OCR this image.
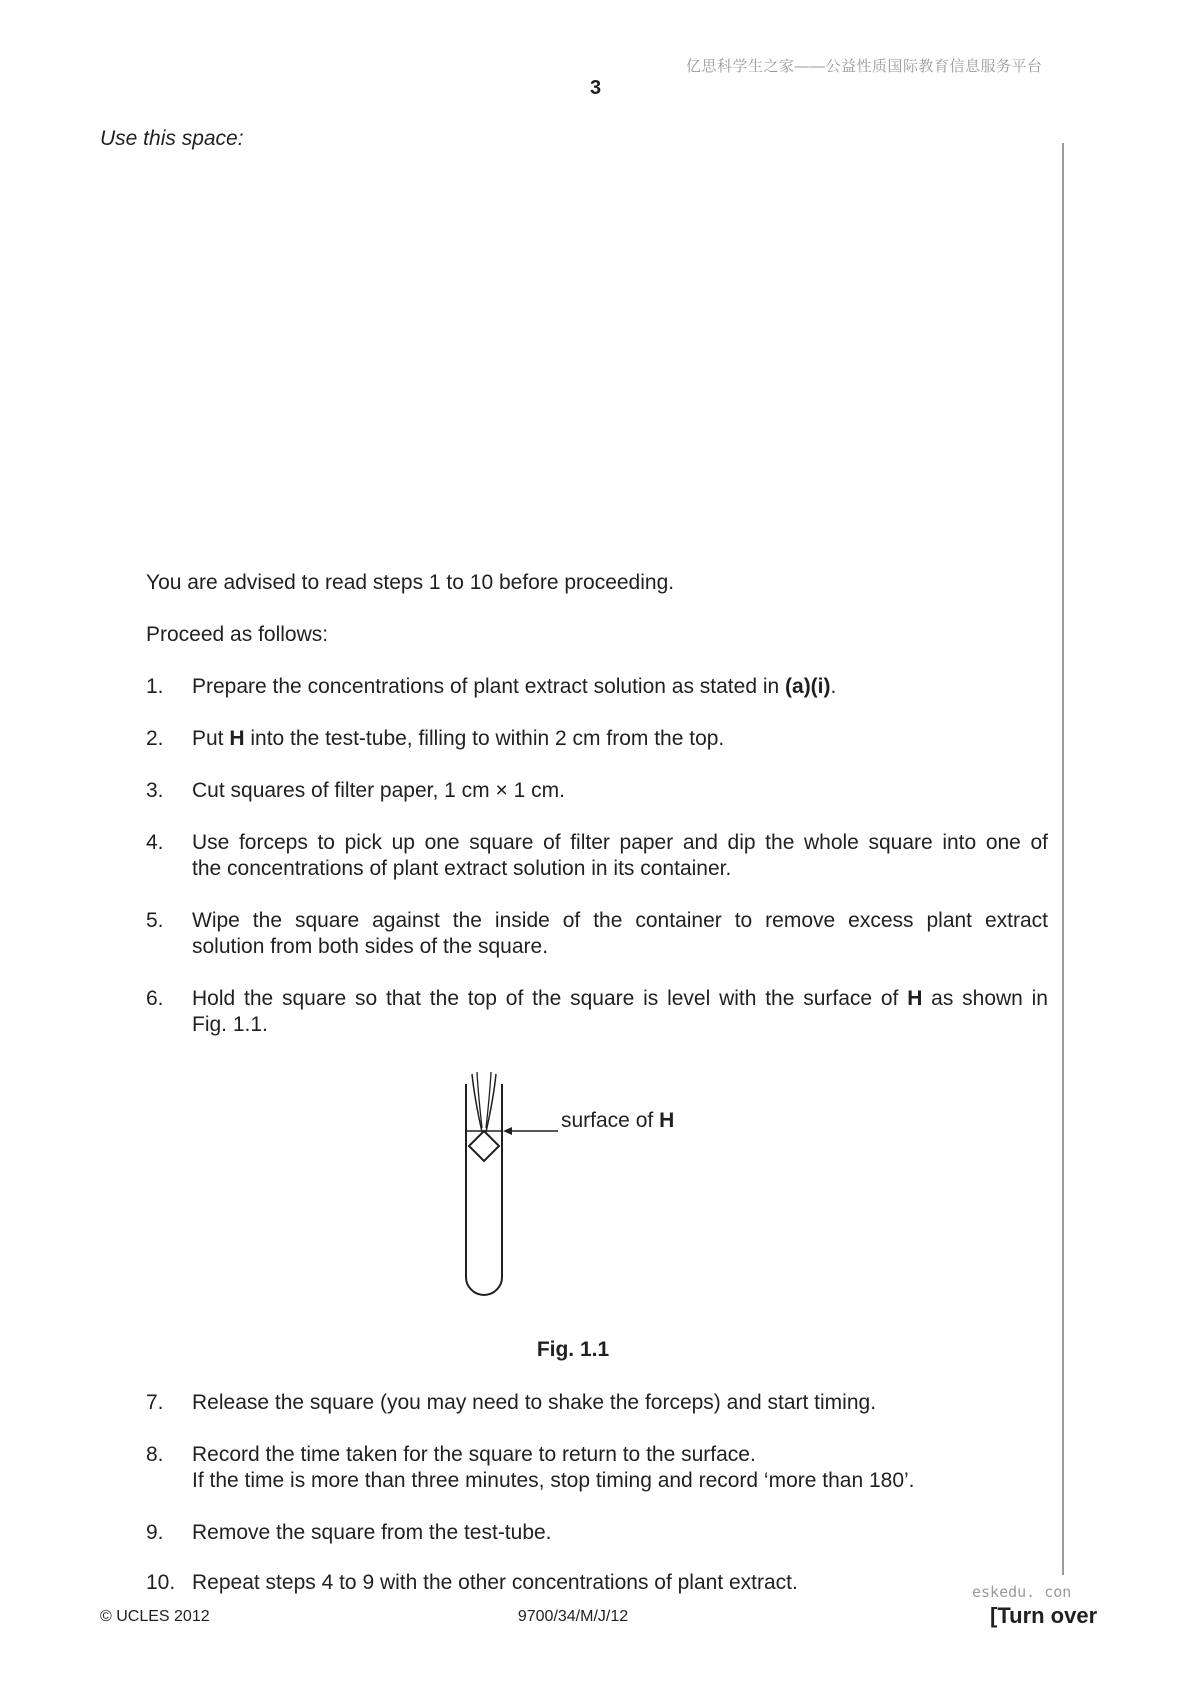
亿思科学生之家——公益性质国际教育信息服务平台
3
Use this space:
You are advised to read steps 1 to 10 before proceeding.
Proceed as follows:
1. Prepare the concentrations of plant extract solution as stated in (a)(i).
2. Put H into the test-tube, filling to within 2 cm from the top.
3. Cut squares of filter paper, 1 cm × 1 cm.
4. Use forceps to pick up one square of filter paper and dip the whole square into one of
the concentrations of plant extract solution in its container.
5. Wipe the square against the inside of the container to remove excess plant extract
solution from both sides of the square.
6. Hold the square so that the top of the square is level with the surface of H as shown in
Fig. 1.1.
surface of H
Fig. 1.1
7. Release the square (you may need to shake the forceps) and start timing.
8. Record the time taken for the square to return to the surface.
If the time is more than three minutes, stop timing and record ‘more than 180’.
9. Remove the square from the test-tube.
10. Repeat steps 4 to 9 with the other concentrations of plant extract.	eskedu. con
© UCLES 2012	9700/34/M/J/12	[Turn over
